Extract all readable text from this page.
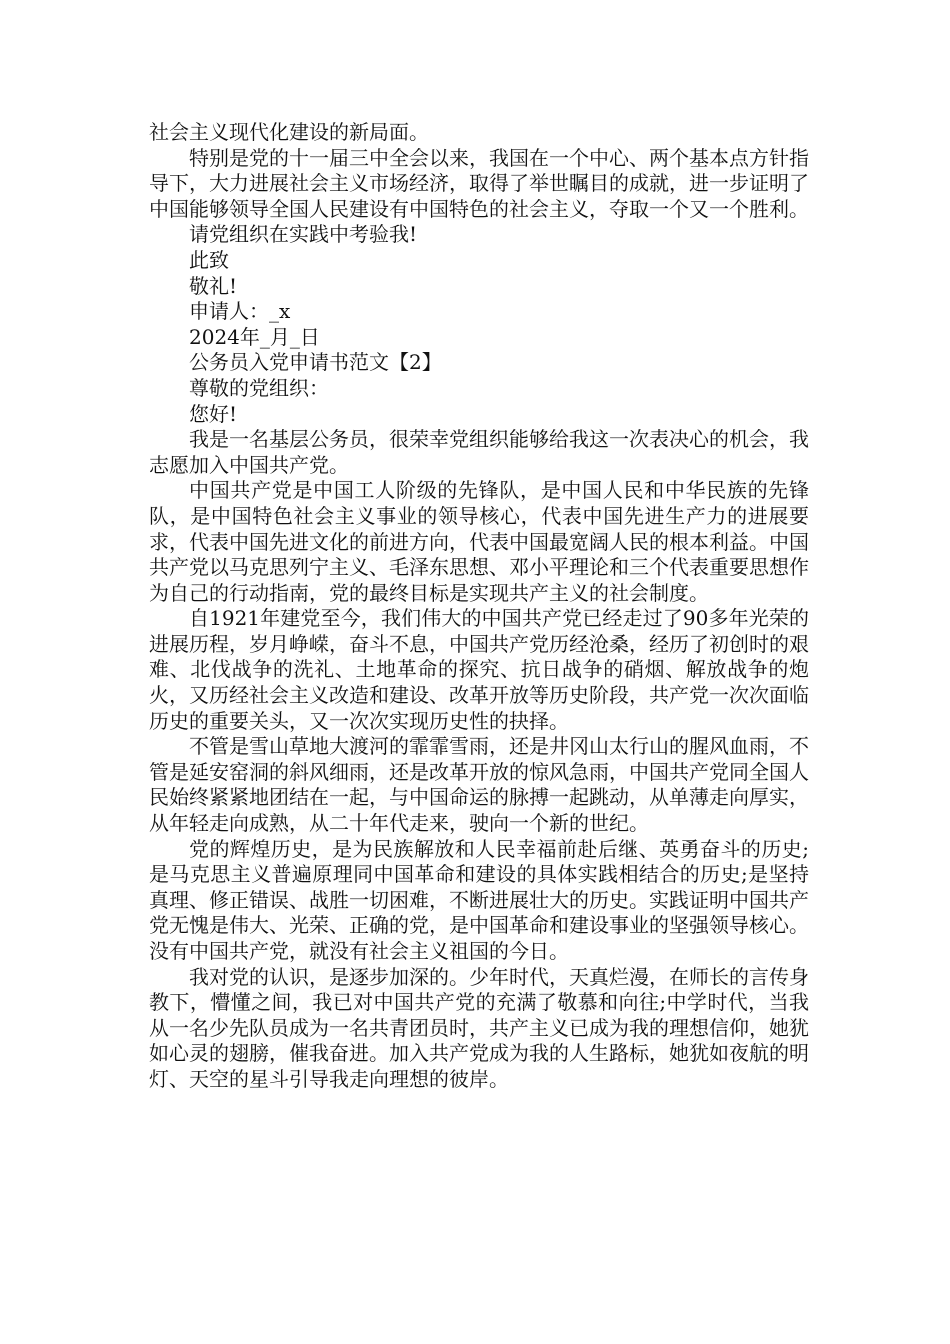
社会主义现代化建设的新局面。

特别是党的十一届三中全会以来，我国在一个中心、两个基本点方针指导下，大力进展社会主义市场经济，取得了举世瞩目的成就，进一步证明了中国能够领导全国人民建设有中国特色的社会主义，夺取一个又一个胜利。

请党组织在实践中考验我!

此致

敬礼!

申请人：_x

2024年_月_日

公务员入党申请书范文【2】

尊敬的党组织：

您好!

我是一名基层公务员，很荣幸党组织能够给我这一次表决心的机会，我志愿加入中国共产党。

中国共产党是中国工人阶级的先锋队，是中国人民和中华民族的先锋队，是中国特色社会主义事业的领导核心，代表中国先进生产力的进展要求，代表中国先进文化的前进方向，代表中国最宽阔人民的根本利益。中国共产党以马克思列宁主义、毛泽东思想、邓小平理论和三个代表重要思想作为自己的行动指南，党的最终目标是实现共产主义的社会制度。

自1921年建党至今，我们伟大的中国共产党已经走过了90多年光荣的进展历程，岁月峥嵘，奋斗不息，中国共产党历经沧桑，经历了初创时的艰难、北伐战争的洗礼、土地革命的探究、抗日战争的硝烟、解放战争的炮火，又历经社会主义改造和建设、改革开放等历史阶段，共产党一次次面临历史的重要关头，又一次次实现历史性的抉择。

不管是雪山草地大渡河的霏霏雪雨，还是井冈山太行山的腥风血雨，不管是延安窑洞的斜风细雨，还是改革开放的惊风急雨，中国共产党同全国人民始终紧紧地团结在一起，与中国命运的脉搏一起跳动，从单薄走向厚实，从年轻走向成熟，从二十年代走来，驶向一个新的世纪。

党的辉煌历史，是为民族解放和人民幸福前赴后继、英勇奋斗的历史;是马克思主义普遍原理同中国革命和建设的具体实践相结合的历史;是坚持真理、修正错误、战胜一切困难，不断进展壮大的历史。实践证明中国共产党无愧是伟大、光荣、正确的党，是中国革命和建设事业的坚强领导核心。没有中国共产党，就没有社会主义祖国的今日。

我对党的认识，是逐步加深的。少年时代，天真烂漫，在师长的言传身教下，懵懂之间，我已对中国共产党的充满了敬慕和向往;中学时代，当我从一名少先队员成为一名共青团员时，共产主义已成为我的理想信仰，她犹如心灵的翅膀，催我奋进。加入共产党成为我的人生路标，她犹如夜航的明灯、天空的星斗引导我走向理想的彼岸。
